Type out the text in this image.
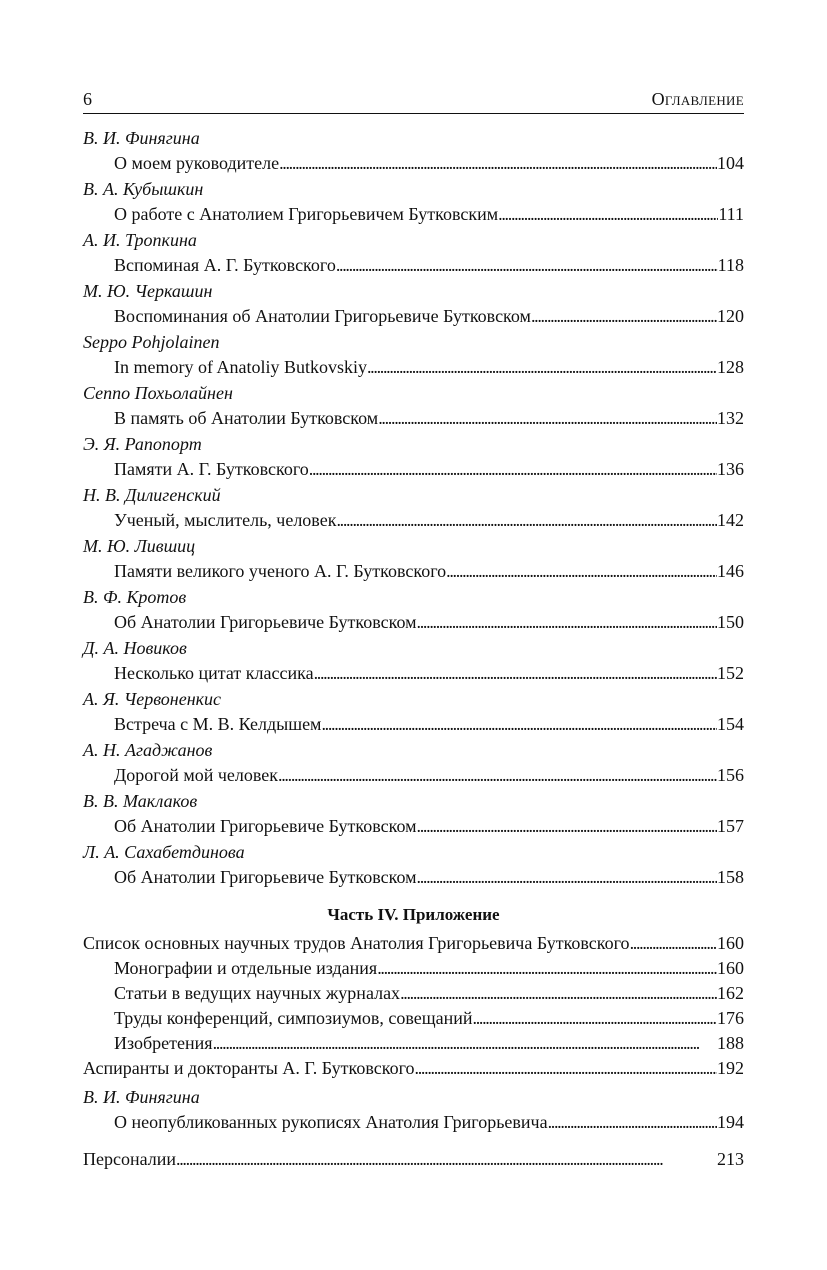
6	Оглавление
В. И. Финягина
О моем руководителе . . .	104
В. А. Кубышкин
О работе с Анатолием Григорьевичем Бутковским . . .	111
А. И. Тропкина
Вспоминая А. Г. Бутковского . . .	118
М. Ю. Черкашин
Воспоминания об Анатолии Григорьевиче Бутковском . . .	120
Seppo Pohjolainen
In memory of Anatoliy Butkovskiy . . .	128
Сеппо Похьолайнен
В память об Анатолии Бутковском . . .	132
Э. Я. Рапопорт
Памяти А. Г. Бутковского . . .	136
Н. В. Дилигенский
Ученый, мыслитель, человек . . .	142
М. Ю. Лившиц
Памяти великого ученого А. Г. Бутковского . . .	146
В. Ф. Кротов
Об Анатолии Григорьевиче Бутковском . . .	150
Д. А. Новиков
Несколько цитат классика . . .	152
А. Я. Червоненкис
Встреча с М. В. Келдышем . . .	154
А. Н. Агаджанов
Дорогой мой человек . . .	156
В. В. Маклаков
Об Анатолии Григорьевиче Бутковском . . .	157
Л. А. Сахабетдинова
Об Анатолии Григорьевиче Бутковском . . .	158
Часть IV. Приложение
Список основных научных трудов Анатолия Григорьевича Бутковского . . .	160
Монографии и отдельные издания . . .	160
Статьи в ведущих научных журналах . . .	162
Труды конференций, симпозиумов, совещаний . . .	176
Изобретения . . .	188
Аспиранты и докторанты А. Г. Бутковского . . .	192
В. И. Финягина
О неопубликованных рукописях Анатолия Григорьевича . . .	194
Персоналии . . .	213
